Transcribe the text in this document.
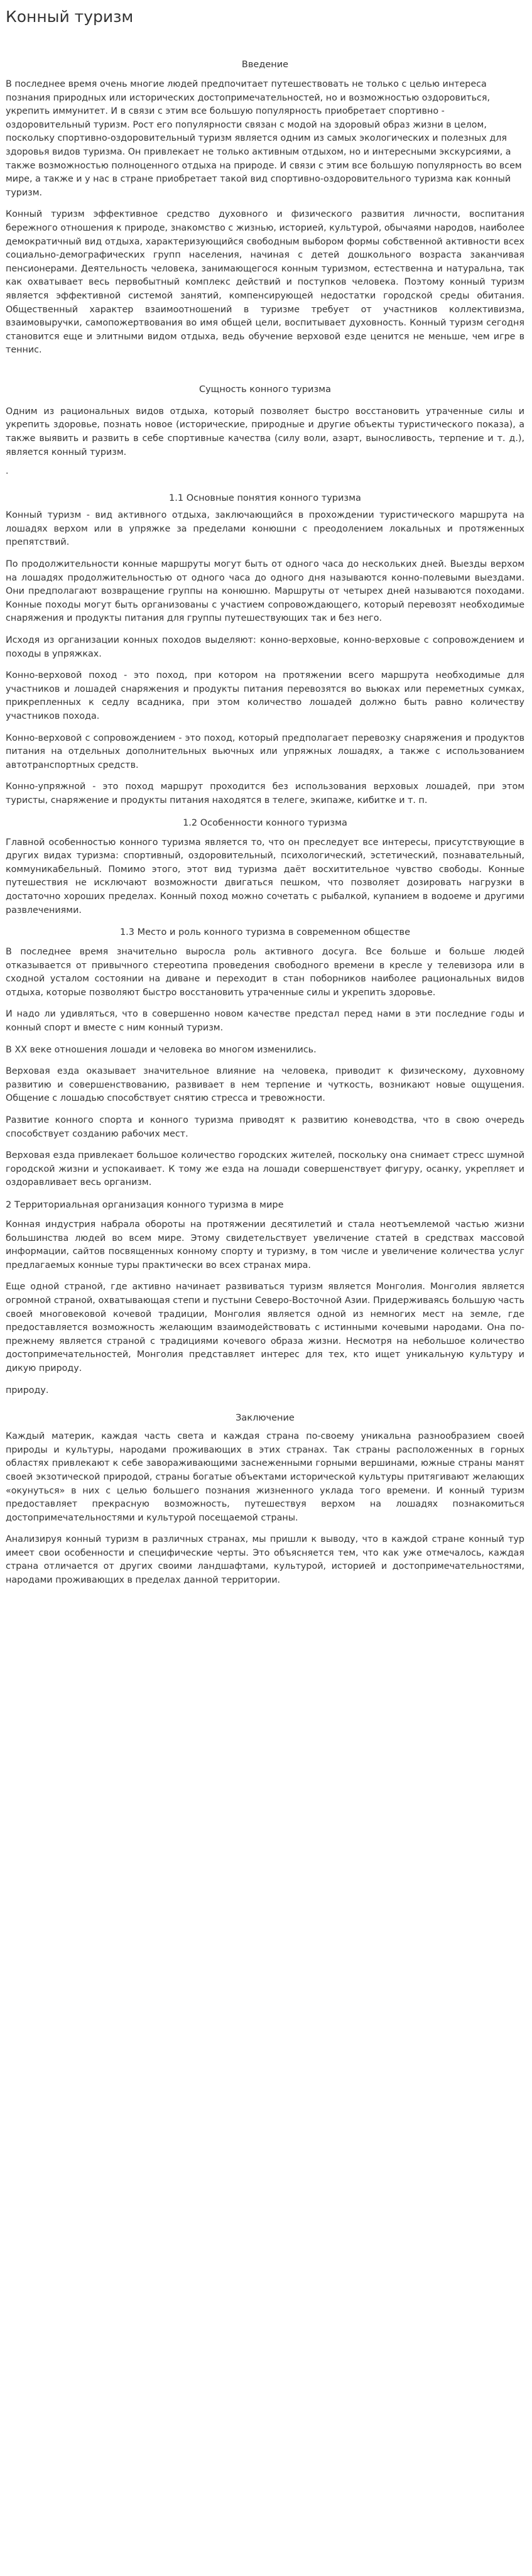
Конный туризм
Введение

В последнее время очень многие людей предпочитает путешествовать не только с целью интереса познания природных или исторических достопримечательностей, но и возможностью оздоровиться, укрепить иммунитет. И в связи с этим все большую популярность приобретает спортивно - оздоровительный туризм. Рост его популярности связан с модой на здоровый образ жизни в целом, поскольку спортивно-оздоровительный туризм является одним из самых экологических и полезных для здоровья видов туризма. Он привлекает не только активным отдыхом, но и интересными экскурсиями, а также возможностью полноценного отдыха на природе. И связи с этим все большую популярность во всем мире, а также и у нас в стране приобретает такой вид спортивно-оздоровительного туризма как конный туризм.

Конный туризм эффективное средство духовного и физического развития личности, воспитания бережного отношения к природе, знакомство с жизнью, историей, культурой, обычаями народов, наиболее демократичный вид отдыха, характеризующийся свободным выбором формы собственной активности всех социально-демографических групп населения, начиная с детей дошкольного возраста заканчивая пенсионерами. Деятельность человека, занимающегося конным туризмом, естественна и натуральна, так как охватывает весь первобытный комплекс действий и поступков человека. Поэтому конный туризм является эффективной системой занятий, компенсирующей недостатки городской среды обитания. Общественный характер взаимоотношений в туризме требует от участников коллективизма, взаимовыручки, самопожертвования во имя общей цели, воспитывает духовность. Конный туризм сегодня становится еще и элитными видом отдыха, ведь обучение верховой езде ценится не меньше, чем игре в теннис.

Сущность конного туризма

Одним из рациональных видов отдыха, который позволяет быстро восстановить утраченные силы и укрепить здоровье, познать новое (исторические, природные и другие объекты туристического показа), а также выявить и развить в себе спортивные качества (силу воли, азарт, выносливость, терпение и т. д.), является конный туризм.

.
1.1 Основные понятия конного туризма

Конный туризм - вид активного отдыха, заключающийся в прохождении туристического маршрута на лошадях верхом или в упряжке за пределами конюшни с преодолением локальных и протяженных препятствий.

По продолжительности конные маршруты могут быть от одного часа до нескольких дней. Выезды верхом на лошадях продолжительностью от одного часа до одного дня называются конно-полевыми выездами. Они предполагают возвращение группы на конюшню. Маршруты от четырех дней называются походами. Конные походы могут быть организованы с участием сопровождающего, который перевозят необходимые снаряжения и продукты питания для группы путешествующих так и без него.

Исходя из организации конных походов выделяют: конно-верховые, конно-верховые с сопровождением и походы в упряжках.

Конно-верховой поход - это поход, при котором на протяжении всего маршрута необходимые для участников и лошадей снаряжения и продукты питания перевозятся во вьюках или переметных сумках, прикрепленных к седлу всадника, при этом количество лошадей должно быть равно количеству участников похода.

Конно-верховой с сопровождением - это поход, который предполагает перевозку снаряжения и продуктов питания на отдельных дополнительных вьючных или упряжных лошадях, а также с использованием автотранспортных средств.

Конно-упряжной - это поход маршрут проходится без использования верховых лошадей, при этом туристы, снаряжение и продукты питания находятся в телеге, экипаже, кибитке и т. п.

1.2 Особенности конного туризма

Главной особенностью конного туризма является то, что он преследует все интересы, присутствующие в других видах туризма: спортивный, оздоровительный, психологический, эстетический, познавательный, коммуникабельный. Помимо этого, этот вид туризма даёт восхитительное чувство свободы. Конные путешествия не исключают возможности двигаться пешком, что позволяет дозировать нагрузки в достаточно хороших пределах. Конный поход можно сочетать с рыбалкой, купанием в водоеме и другими развлечениями.

1.3 Место и роль конного туризма в современном обществе

В последнее время значительно выросла роль активного досуга. Все больше и больше людей отказывается от привычного стереотипа проведения свободного времени в кресле у телевизора или в сходной усталом состоянии на диване и переходит в стан поборников наиболее рациональных видов отдыха, которые позволяют быстро восстановить утраченные силы и укрепить здоровье.

И надо ли удивляться, что в совершенно новом качестве предстал перед нами в эти последние годы и конный спорт и вместе с ним конный туризм.

В XX веке отношения лошади и человека во многом изменились.

Верховая езда оказывает значительное влияние на человека, приводит к физическому, духовному развитию и совершенствованию, развивает в нем терпение и чуткость, возникают новые ощущения. Общение с лошадью способствует снятию стресса и тревожности.

Развитие конного спорта и конного туризма приводят к развитию коневодства, что в свою очередь способствует созданию рабочих мест.

Верховая езда привлекает большое количество городских жителей, поскольку она снимает стресс шумной городской жизни и успокаивает. К тому же езда на лошади совершенствует фигуру, осанку, укрепляет и оздоравливает весь организм.

2 Территориальная организация конного туризма в мире

Конная индустрия набрала обороты на протяжении десятилетий и стала неотъемлемой частью жизни большинства людей во всем мире. Этому свидетельствует увеличение статей в средствах массовой информации, сайтов посвященных конному спорту и туризму, в том числе и увеличение количества услуг предлагаемых конные туры практически во всех странах мира.

Еще одной страной, где активно начинает развиваться туризм является Монголия. Монголия является огромной страной, охватывающая степи и пустыни Северо-Восточной Азии. Придерживаясь большую часть своей многовековой кочевой традиции, Монголия является одной из немногих мест на земле, где предоставляется возможность желающим взаимодействовать с истинными кочевыми народами. Она по-прежнему является страной с традициями кочевого образа жизни. Несмотря на небольшое количество достопримечательностей, Монголия представляет интерес для тех, кто ищет уникальную культуру и дикую природу.

природу.

Заключение

Каждый материк, каждая часть света и каждая страна по-своему уникальна разнообразием своей природы и культуры, народами проживающих в этих странах. Так страны расположенных в горных областях привлекают к себе завораживающими заснеженными горными вершинами, южные страны манят своей экзотической природой, страны богатые объектами исторической культуры притягивают желающих «окунуться» в них с целью большего познания жизненного уклада того времени. И конный туризм предоставляет прекрасную возможность, путешествуя верхом на лошадях познакомиться достопримечательностями и культурой посещаемой страны.

Анализируя конный туризм в различных странах, мы пришли к выводу, что в каждой стране конный тур имеет свои особенности и специфические черты. Это объясняется тем, что как уже отмечалось, каждая страна отличается от других своими ландшафтами, культурой, историей и достопримечательностями, народами проживающих в пределах данной территории.
